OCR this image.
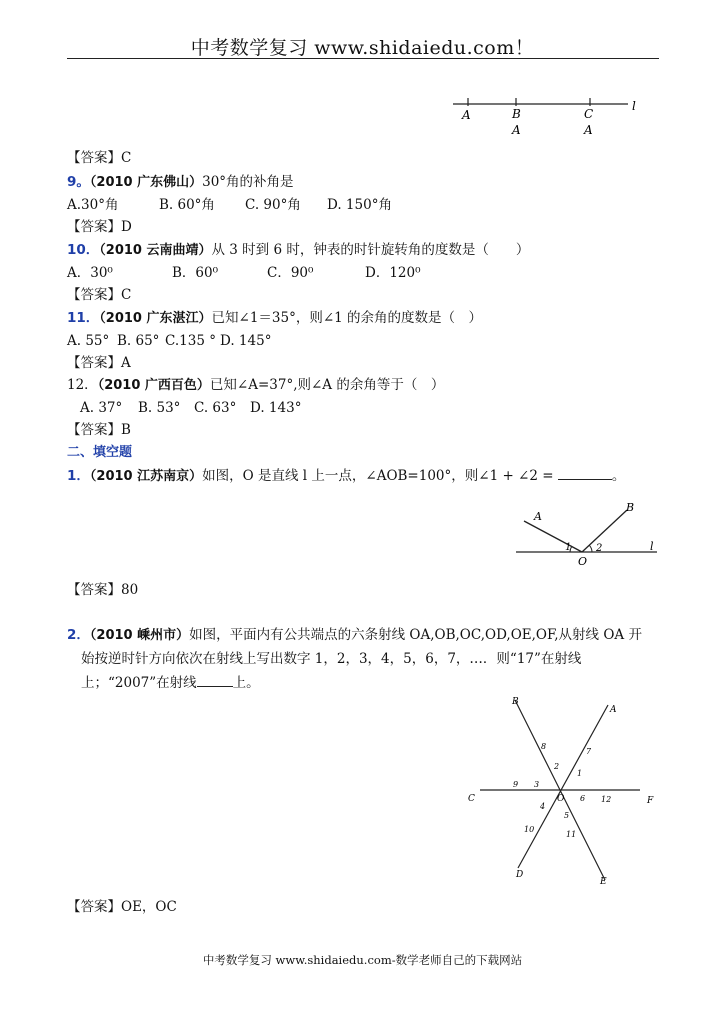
中考数学复习 www.shidaiedu.com！
A	B	C
l
A	A
【答案】C
9。（2010 广东佛山）30°角的补角是
A.30°角	B. 60°角 C. 90°角 D. 150°角
【答案】D
10．（2010 云南曲靖）从 3 时到 6 时，钟表的时针旋转角的度数是（　　）
A．30⁰	B．60⁰	C．90⁰	D．120⁰
【答案】C
11．（2010 广东湛江）已知∠1＝35°，则∠1 的余角的度数是（　）
A. 55° B. 65° C.135 ° D. 145°
【答案】A
12．（2010 广西百色）已知∠A=37°,则∠A 的余角等于（　）
A. 37° B. 53° C. 63° D. 143°
【答案】B
二、填空题
1．（2010 江苏南京）如图，O 是直线 l 上一点，∠AOB=100°，则∠1 + ∠2 =	。
A
B
O
1 2	l
【答案】80
2．（2010 嵊州市）如图，平面内有公共端点的六条射线 OA,OB,OC,OD,OE,OF,从射线 OA 开
始按逆时针方向依次在射线上写出数字 1，2，3，4，5，6，7，…．则“17”在射线
上；“2007”在射线	上。
B
A
C	F
D
E
O
1
2
3
4
5
6
7
8
9
10
11
12
【答案】OE，OC
中考数学复习 www.shidaiedu.com-数学老师自己的下载网站
